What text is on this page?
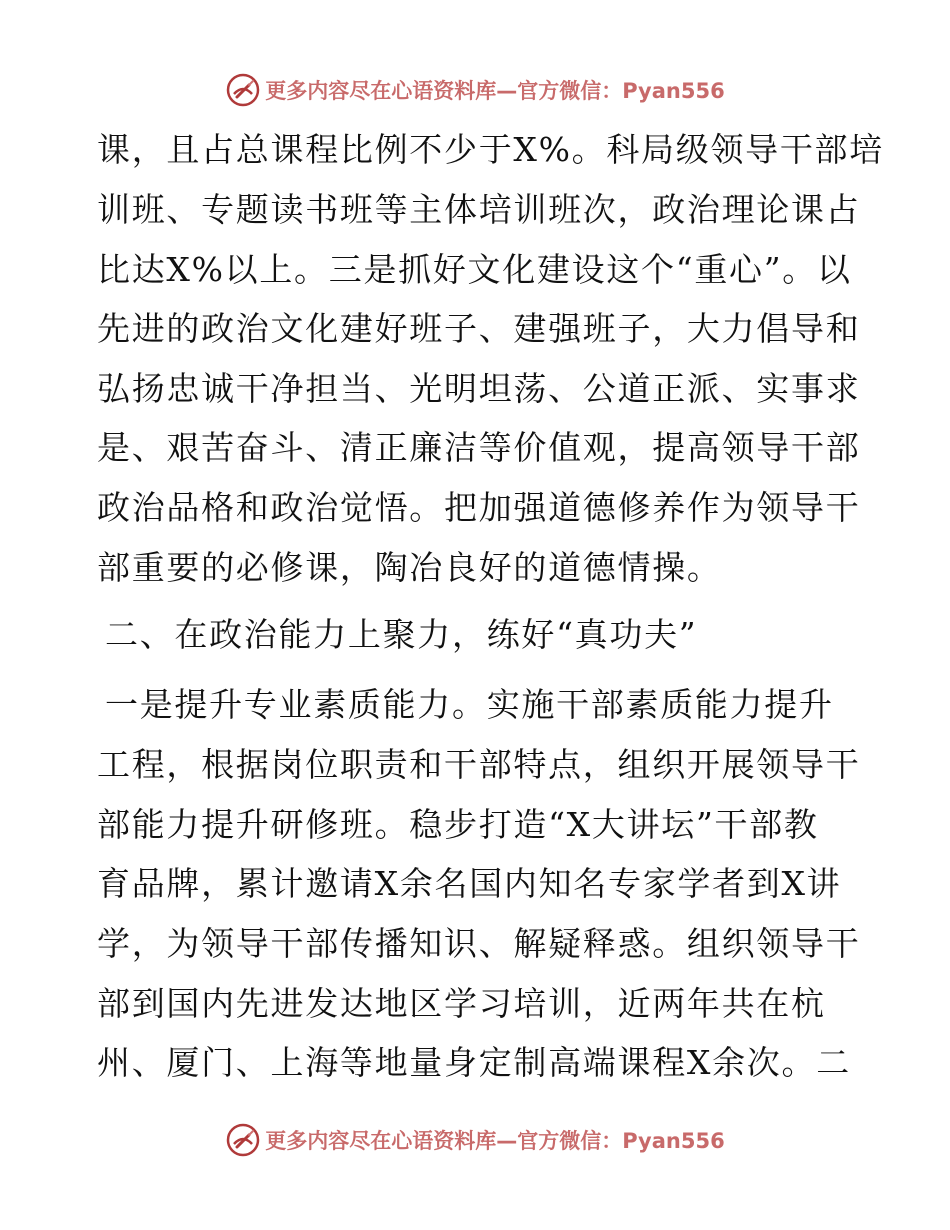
更多内容尽在心语资料库—官方微信：Pyan556
课，且占总课程比例不少于X%。科局级领导干部培
训班、专题读书班等主体培训班次，政治理论课占
比达X%以上。三是抓好文化建设这个“重心”。以
先进的政治文化建好班子、建强班子，大力倡导和
弘扬忠诚干净担当、光明坦荡、公道正派、实事求
是、艰苦奋斗、清正廉洁等价值观，提高领导干部
政治品格和政治觉悟。把加强道德修养作为领导干
部重要的必修课，陶冶良好的道德情操。
二、在政治能力上聚力，练好“真功夫”
一是提升专业素质能力。实施干部素质能力提升
工程，根据岗位职责和干部特点，组织开展领导干
部能力提升研修班。稳步打造“X大讲坛”干部教
育品牌，累计邀请X余名国内知名专家学者到X讲
学，为领导干部传播知识、解疑释惑。组织领导干
部到国内先进发达地区学习培训，近两年共在杭
州、厦门、上海等地量身定制高端课程X余次。二
更多内容尽在心语资料库—官方微信：Pyan556
